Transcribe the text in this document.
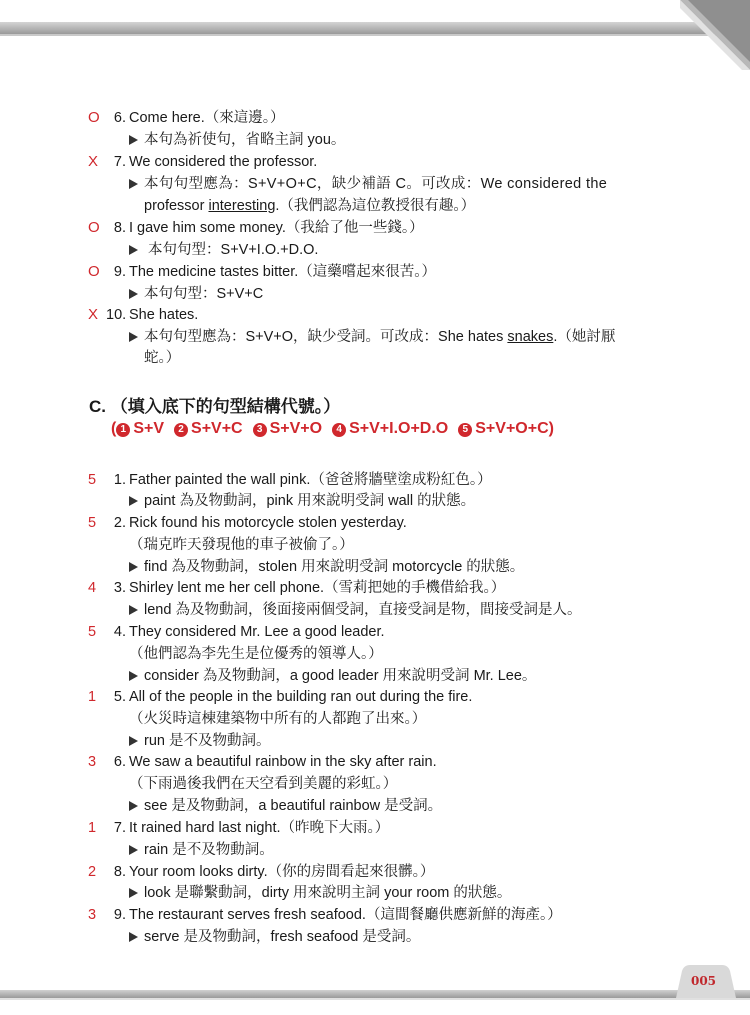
005
O 6. Come here.（來這邊。）
本句為祈使句，省略主詞 you。
X	7. We considered the professor.
本句句型應為：S+V+O+C，缺少補語 C。可改成：We considered the
professor interesting.（我們認為這位教授很有趣。）
O 8. I gave him some money.（我給了他一些錢。）
本句句型：S+V+I.O.+D.O.
O 9. The medicine tastes bitter.（這藥嚐起來很苦。）
本句句型：S+V+C
X 10. She hates.
本句句型應為：S+V+O，缺少受詞。可改成：She hates snakes.（她討厭
蛇。）
C. （填入底下的句型結構代號。）
( 1 S+V 2 S+V+C 3 S+V+O 4 S+V+I.O+D.O 5 S+V+O+C)
5	1. Father painted the wall pink.（爸爸將牆壁塗成粉紅色。）
paint 為及物動詞，pink 用來說明受詞 wall 的狀態。
5	2. Rick found his motorcycle stolen yesterday.
（瑞克昨天發現他的車子被偷了。）
find 為及物動詞，stolen 用來說明受詞 motorcycle 的狀態。
4	3. Shirley lent me her cell phone.（雪莉把她的手機借給我。）
lend 為及物動詞，後面接兩個受詞，直接受詞是物，間接受詞是人。
5	4. They considered Mr. Lee a good leader.
（他們認為李先生是位優秀的領導人。）
consider 為及物動詞，a good leader 用來說明受詞 Mr. Lee。
1	5. All of the people in the building ran out during the fire.
（火災時這棟建築物中所有的人都跑了出來。）
run 是不及物動詞。
3	6. We saw a beautiful rainbow in the sky after rain.
（下雨過後我們在天空看到美麗的彩虹。）
see 是及物動詞，a beautiful rainbow 是受詞。
1	7. It rained hard last night.（昨晚下大雨。）
rain 是不及物動詞。
2	8. Your room looks dirty.（你的房間看起來很髒。）
look 是聯繫動詞，dirty 用來說明主詞 your room 的狀態。
3	9. The restaurant serves fresh seafood.（這間餐廳供應新鮮的海產。）
serve 是及物動詞，fresh seafood 是受詞。
